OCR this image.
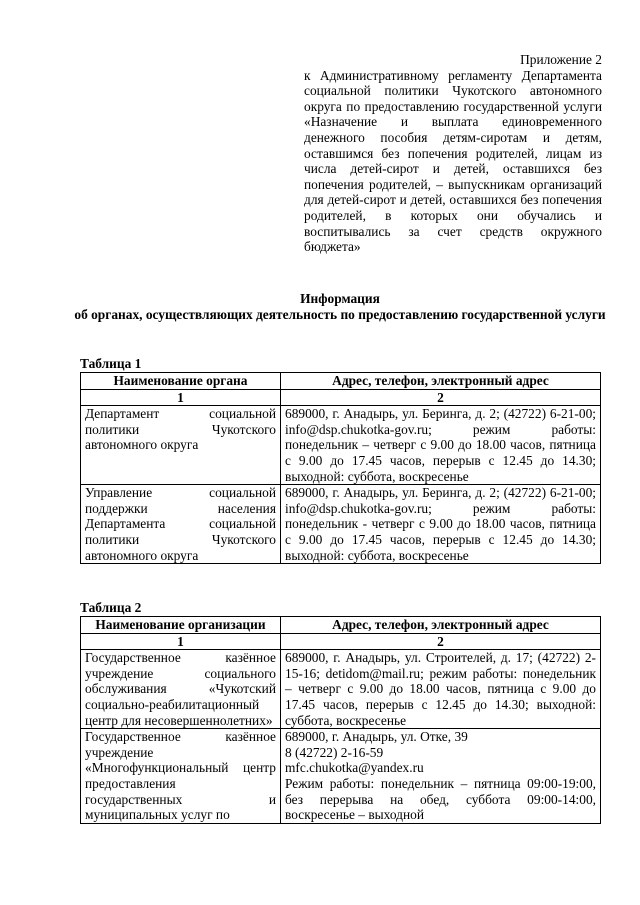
Приложение 2
к Административному регламенту Департамента социальной политики Чукотского автономного округа по предоставлению государственной услуги «Назначение и выплата единовременного денежного пособия детям-сиротам и детям, оставшимся без попечения родителей, лицам из числа детей-сирот и детей, оставшихся без попечения родителей, – выпускникам организаций для детей-сирот и детей, оставшихся без попечения родителей, в которых они обучались и воспитывались за счет средств окружного бюджета»
Информация
об органах, осуществляющих деятельность по предоставлению государственной услуги
Таблица 1
Наименование органа	Адрес, телефон, электронный адрес
1	2
Департамент социальной политики Чукотского автономного округа	689000, г. Анадырь, ул. Беринга, д. 2; (42722) 6-21-00; info@dsp.chukotka-gov.ru; режим работы: понедельник – четверг с 9.00 до 18.00 часов, пятница с 9.00 до 17.45 часов, перерыв с 12.45 до 14.30; выходной: суббота, воскресенье
Управление социальной поддержки населения Департамента социальной политики Чукотского автономного округа	689000, г. Анадырь, ул. Беринга, д. 2; (42722) 6-21-00; info@dsp.chukotka-gov.ru; режим работы: понедельник - четверг с 9.00 до 18.00 часов, пятница с 9.00 до 17.45 часов, перерыв с 12.45 до 14.30; выходной: суббота, воскресенье
Таблица 2
Наименование организации	Адрес, телефон, электронный адрес
1	2
Государственное казённое учреждение социального обслуживания «Чукотский социально-реабилитационный центр для несовершеннолетних»	689000, г. Анадырь, ул. Строителей, д. 17; (42722) 2-15-16; detidom@mail.ru; режим работы: понедельник – четверг с 9.00 до 18.00 часов, пятница с 9.00 до 17.45 часов, перерыв с 12.45 до 14.30; выходной: суббота, воскресенье
Государственное казённое учреждение «Многофункциональный центр предоставления государственных и муниципальных услуг по	689000, г. Анадырь, ул. Отке, 39
8 (42722) 2-16-59
mfc.chukotka@yandex.ru
Режим работы: понедельник – пятница 09:00-19:00, без перерыва на обед, суббота 09:00-14:00, воскресенье – выходной
